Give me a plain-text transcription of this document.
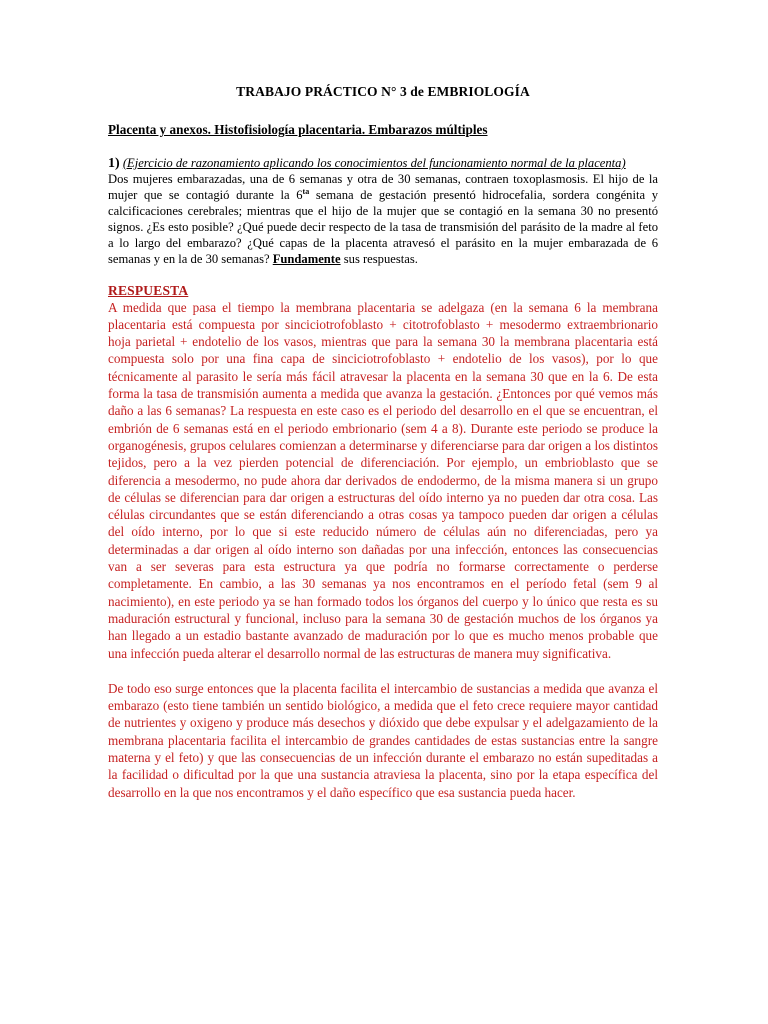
TRABAJO PRÁCTICO N° 3 de EMBRIOLOGÍA
Placenta y anexos. Histofisiología placentaria. Embarazos múltiples

1) (Ejercicio de razonamiento aplicando los conocimientos del funcionamiento normal de la placenta)

Dos mujeres embarazadas, una de 6 semanas y otra de 30 semanas, contraen toxoplasmosis. El hijo de la mujer que se contagió durante la $6^{ta}$ semana de gestación presentó hidrocefalia, sordera congénita y calcificaciones cerebrales; mientras que el hijo de la mujer que se contagió en la semana 30 no presentó signos. ¿Es esto posible? ¿Qué puede decir respecto de la tasa de transmisión del parásito de la madre al feto a lo largo del embarazo? ¿Qué capas de la placenta atravesó el parásito en la mujer embarazada de 6 semanas y en la de 30 semanas? Fundamente sus respuestas.

RESPUESTA

A medida que pasa el tiempo la membrana placentaria se adelgaza (en la semana 6 la membrana placentaria está compuesta por sinciciotrofoblasto + citotrofoblasto + mesodermo extraembrionario hoja parietal + endotelio de los vasos, mientras que para la semana 30 la membrana placentaria está compuesta solo por una fina capa de sinciciotrofoblasto + endotelio de los vasos), por lo que técnicamente al parasito le sería más fácil atravesar la placenta en la semana 30 que en la 6. De esta forma la tasa de transmisión aumenta a medida que avanza la gestación. ¿Entonces por qué vemos más daño a las 6 semanas? La respuesta en este caso es el periodo del desarrollo en el que se encuentran, el embrión de 6 semanas está en el periodo embrionario (sem 4 a 8). Durante este periodo se produce la organogénesis, grupos celulares comienzan a determinarse y diferenciarse para dar origen a los distintos tejidos, pero a la vez pierden potencial de diferenciación. Por ejemplo, un embrioblasto que se diferencia a mesodermo, no pude ahora dar derivados de endodermo, de la misma manera si un grupo de células se diferencian para dar origen a estructuras del oído interno ya no pueden dar otra cosa. Las células circundantes que se están diferenciando a otras cosas ya tampoco pueden dar origen a células del oído interno, por lo que si este reducido número de células aún no diferenciadas, pero ya determinadas a dar origen al oído interno son dañadas por una infección, entonces las consecuencias van a ser severas para esta estructura ya que podría no formarse correctamente o perderse completamente. En cambio, a las 30 semanas ya nos encontramos en el período fetal (sem 9 al nacimiento), en este periodo ya se han formado todos los órganos del cuerpo y lo único que resta es su maduración estructural y funcional, incluso para la semana 30 de gestación muchos de los órganos ya han llegado a un estadio bastante avanzado de maduración por lo que es mucho menos probable que una infección pueda alterar el desarrollo normal de las estructuras de manera muy significativa.

De todo eso surge entonces que la placenta facilita el intercambio de sustancias a medida que avanza el embarazo (esto tiene también un sentido biológico, a medida que el feto crece requiere mayor cantidad de nutrientes y oxigeno y produce más desechos y dióxido que debe expulsar y el adelgazamiento de la membrana placentaria facilita el intercambio de grandes cantidades de estas sustancias entre la sangre materna y el feto) y que las consecuencias de un infección durante el embarazo no están supeditadas a la facilidad o dificultad por la que una sustancia atraviesa la placenta, sino por la etapa específica del desarrollo en la que nos encontramos y el daño específico que esa sustancia pueda hacer.
